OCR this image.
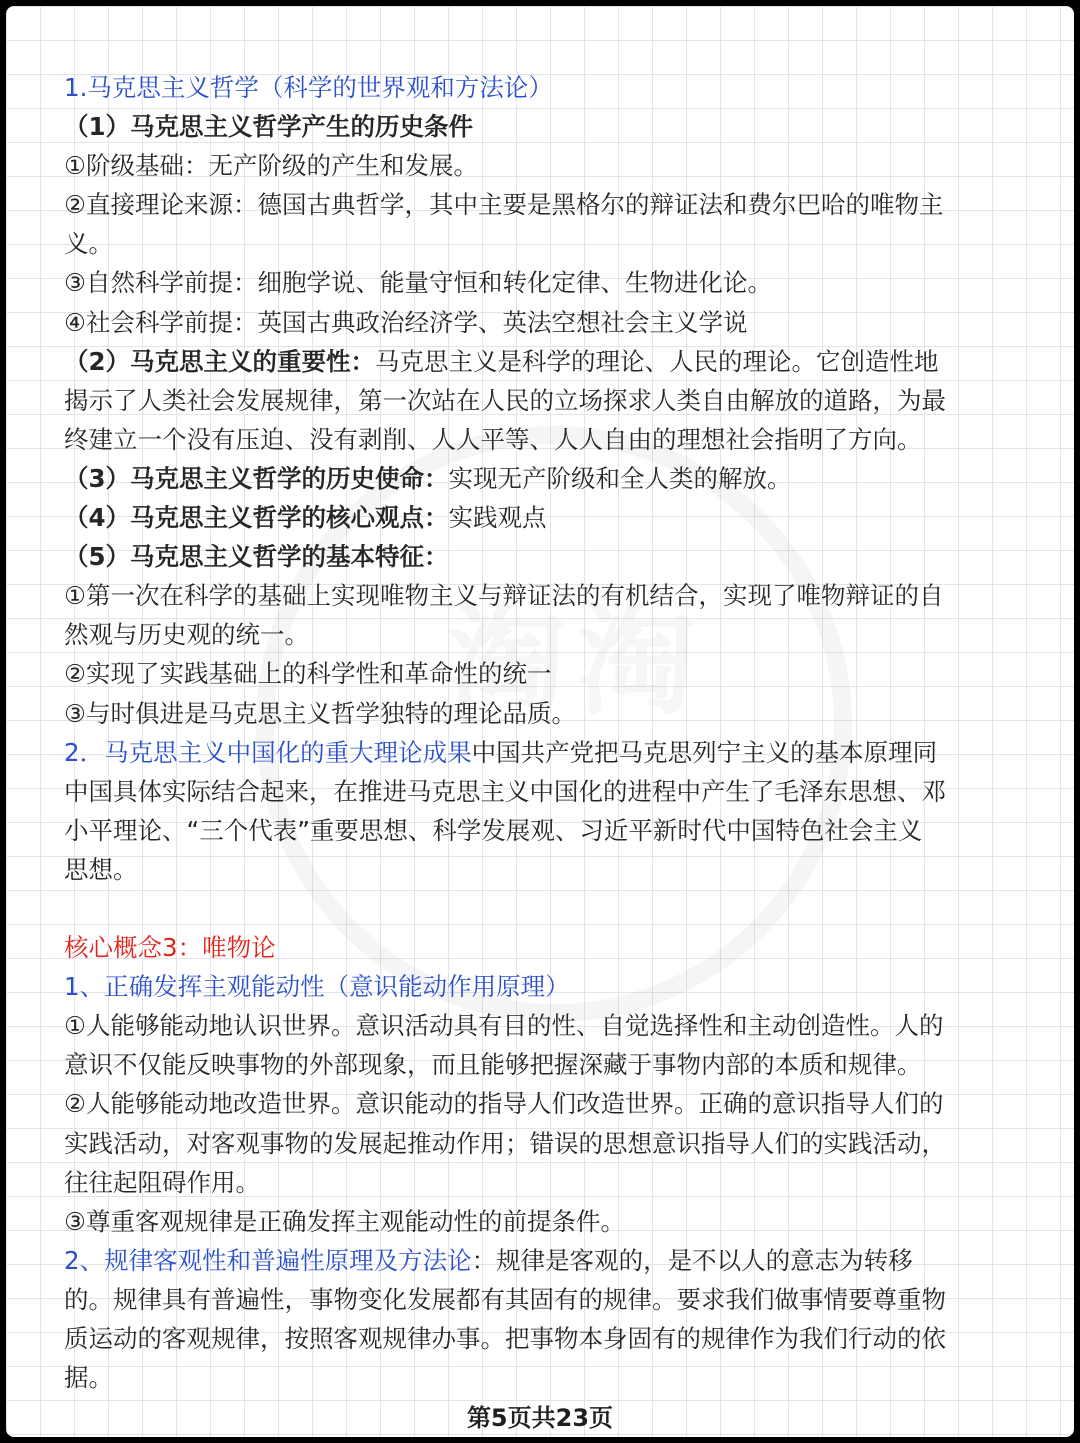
淘淘
1.马克思主义哲学（科学的世界观和方法论）
（1）马克思主义哲学产生的历史条件
①阶级基础：无产阶级的产生和发展。
②直接理论来源：德国古典哲学，其中主要是黑格尔的辩证法和费尔巴哈的唯物主
义。
③自然科学前提：细胞学说、能量守恒和转化定律、生物进化论。
④社会科学前提：英国古典政治经济学、英法空想社会主义学说
（2）马克思主义的重要性：马克思主义是科学的理论、人民的理论。它创造性地
揭示了人类社会发展规律，第一次站在人民的立场探求人类自由解放的道路，为最
终建立一个没有压迫、没有剥削、人人平等、人人自由的理想社会指明了方向。
（3）马克思主义哲学的历史使命：实现无产阶级和全人类的解放。
（4）马克思主义哲学的核心观点：实践观点
（5）马克思主义哲学的基本特征：
①第一次在科学的基础上实现唯物主义与辩证法的有机结合，实现了唯物辩证的自
然观与历史观的统一。
②实现了实践基础上的科学性和革命性的统一
③与时俱进是马克思主义哲学独特的理论品质。
2．马克思主义中国化的重大理论成果中国共产党把马克思列宁主义的基本原理同
中国具体实际结合起来，在推进马克思主义中国化的进程中产生了毛泽东思想、邓
小平理论、“三个代表”重要思想、科学发展观、习近平新时代中国特色社会主义
思想。
核心概念3：唯物论
1、正确发挥主观能动性（意识能动作用原理）
①人能够能动地认识世界。意识活动具有目的性、自觉选择性和主动创造性。人的
意识不仅能反映事物的外部现象，而且能够把握深藏于事物内部的本质和规律。
②人能够能动地改造世界。意识能动的指导人们改造世界。正确的意识指导人们的
实践活动，对客观事物的发展起推动作用；错误的思想意识指导人们的实践活动，
往往起阻碍作用。
③尊重客观规律是正确发挥主观能动性的前提条件。
2、规律客观性和普遍性原理及方法论：规律是客观的，是不以人的意志为转移
的。规律具有普遍性，事物变化发展都有其固有的规律。要求我们做事情要尊重物
质运动的客观规律，按照客观规律办事。把事物本身固有的规律作为我们行动的依
据。
第5页共23页
